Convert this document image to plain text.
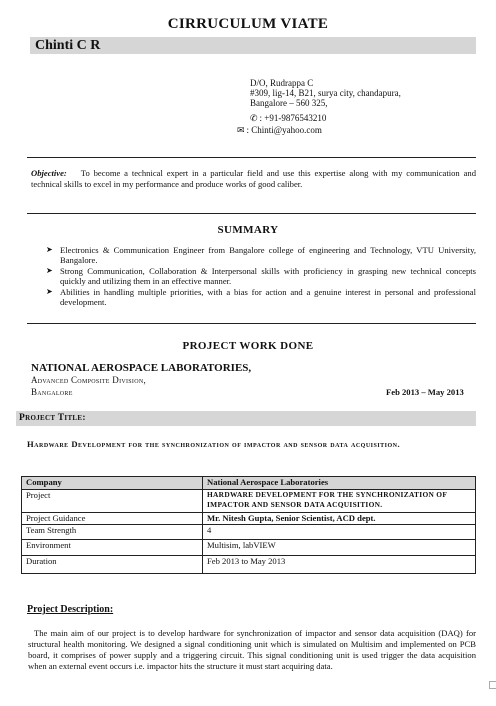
CIRRUCULUM VIATE
Chinti C R
D/O, Rudrappa C
#309, lig-14, B21, surya city, chandapura,
Bangalore – 560 325,
✆ : +91-9876543210
✉ : Chinti@yahoo.com
Objective: To become a technical expert in a particular field and use this expertise along with my communication and technical skills to excel in my performance and produce works of good caliber.
SUMMARY
➤ Electronics & Communication Engineer from Bangalore college of engineering and Technology, VTU University, Bangalore.
➤ Strong Communication, Collaboration & Interpersonal skills with proficiency in grasping new technical concepts quickly and utilizing them in an effective manner.
➤ Abilities in handling multiple priorities, with a bias for action and a genuine interest in personal and professional development.
PROJECT WORK DONE
NATIONAL AEROSPACE LABORATORIES,
Advanced Composite Division,
Bangalore	Feb 2013 – May 2013
Project Title:
Hardware Development for the synchronization of impactor and sensor data acquisition.
Company	National Aerospace Laboratories
Project	HARDWARE DEVELOPMENT FOR THE SYNCHRONIZATION OF IMPACTOR AND SENSOR DATA ACQUISITION.
Project Guidance	Mr. Nitesh Gupta, Senior Scientist, ACD dept.
Team Strength	4
Environment	Multisim, labVIEW
Duration	Feb 2013 to May 2013
Project Description:
The main aim of our project is to develop hardware for synchronization of impactor and sensor data acquisition (DAQ) for structural health monitoring. We designed a signal conditioning unit which is simulated on Multisim and implemented on PCB board, it comprises of power supply and a triggering circuit. This signal conditioning unit is used trigger the data acquisition when an external event occurs i.e. impactor hits the structure it must start acquiring data.
